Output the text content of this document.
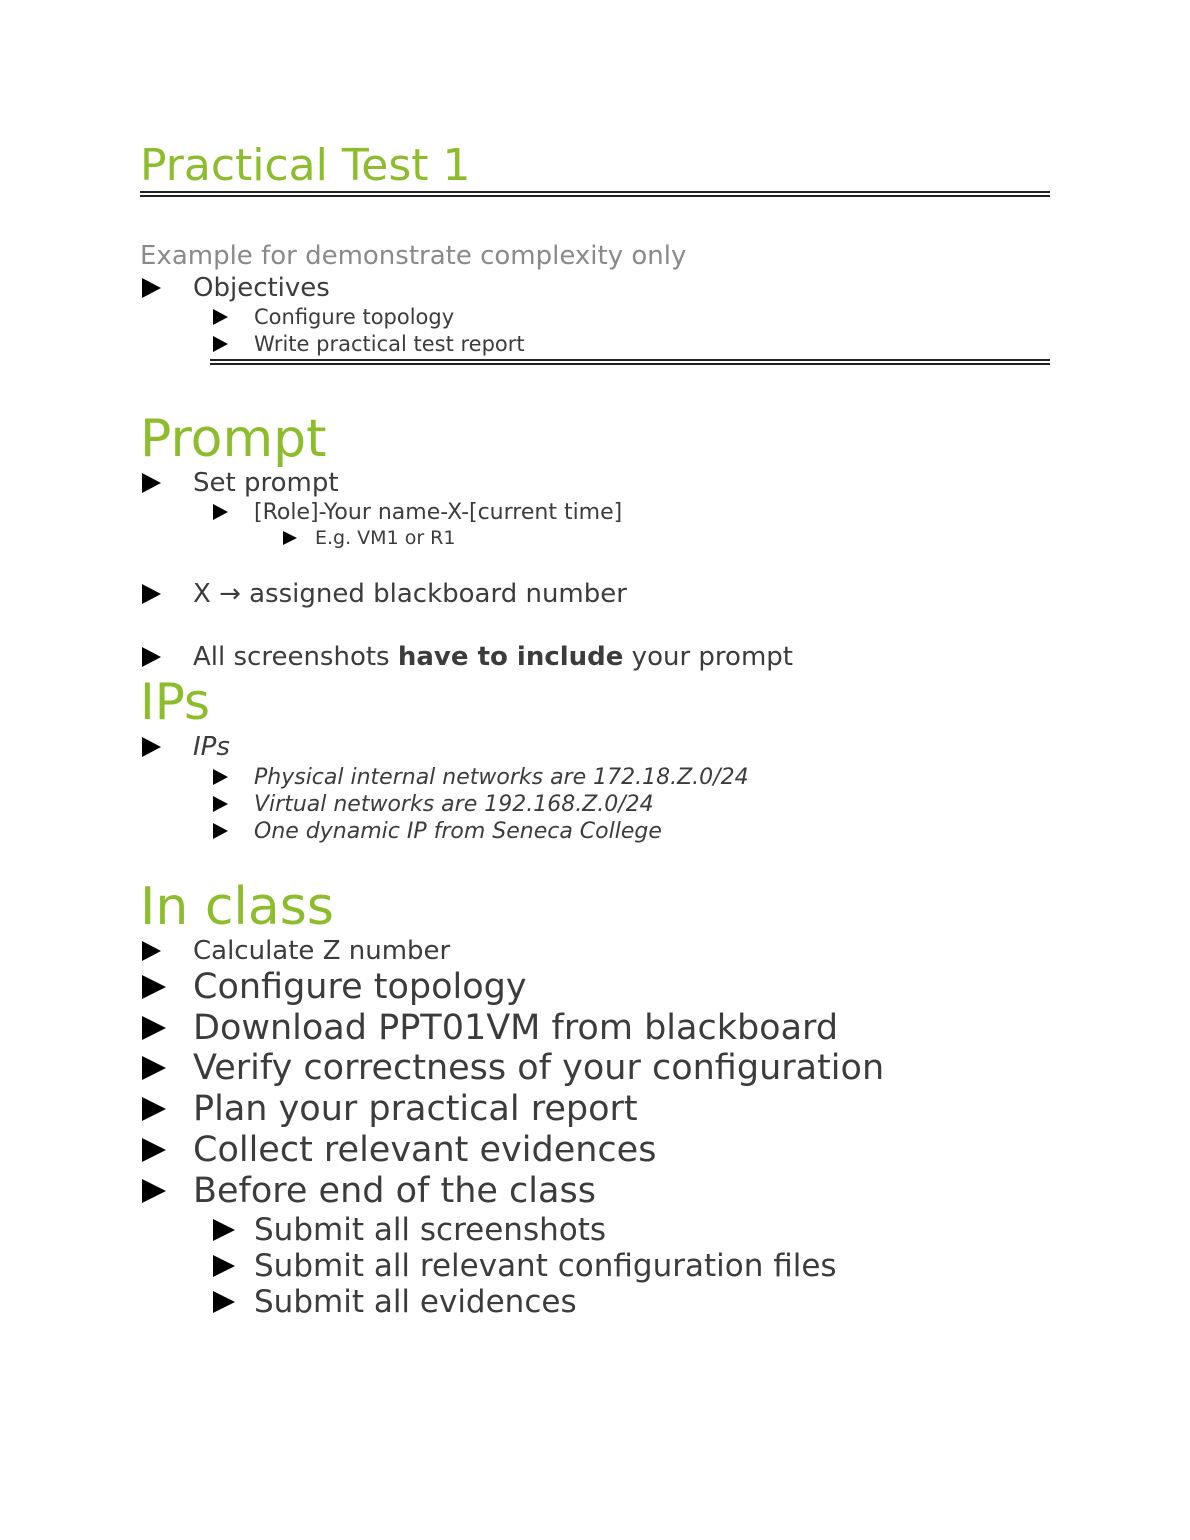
Practical Test 1
Example for demonstrate complexity only
Objectives
Configure topology
Write practical test report
Prompt
Set prompt
[Role]-Your name-X-[current time]
E.g. VM1 or R1
X → assigned blackboard number
All screenshots have to include your prompt
IPs
IPs
Physical internal networks are 172.18.Z.0/24
Virtual networks are 192.168.Z.0/24
One dynamic IP from Seneca College
In class
Calculate Z number
Configure topology
Download PPT01VM from blackboard
Verify correctness of your configuration
Plan your practical report
Collect relevant evidences
Before end of the class
Submit all screenshots
Submit all relevant configuration files
Submit all evidences
